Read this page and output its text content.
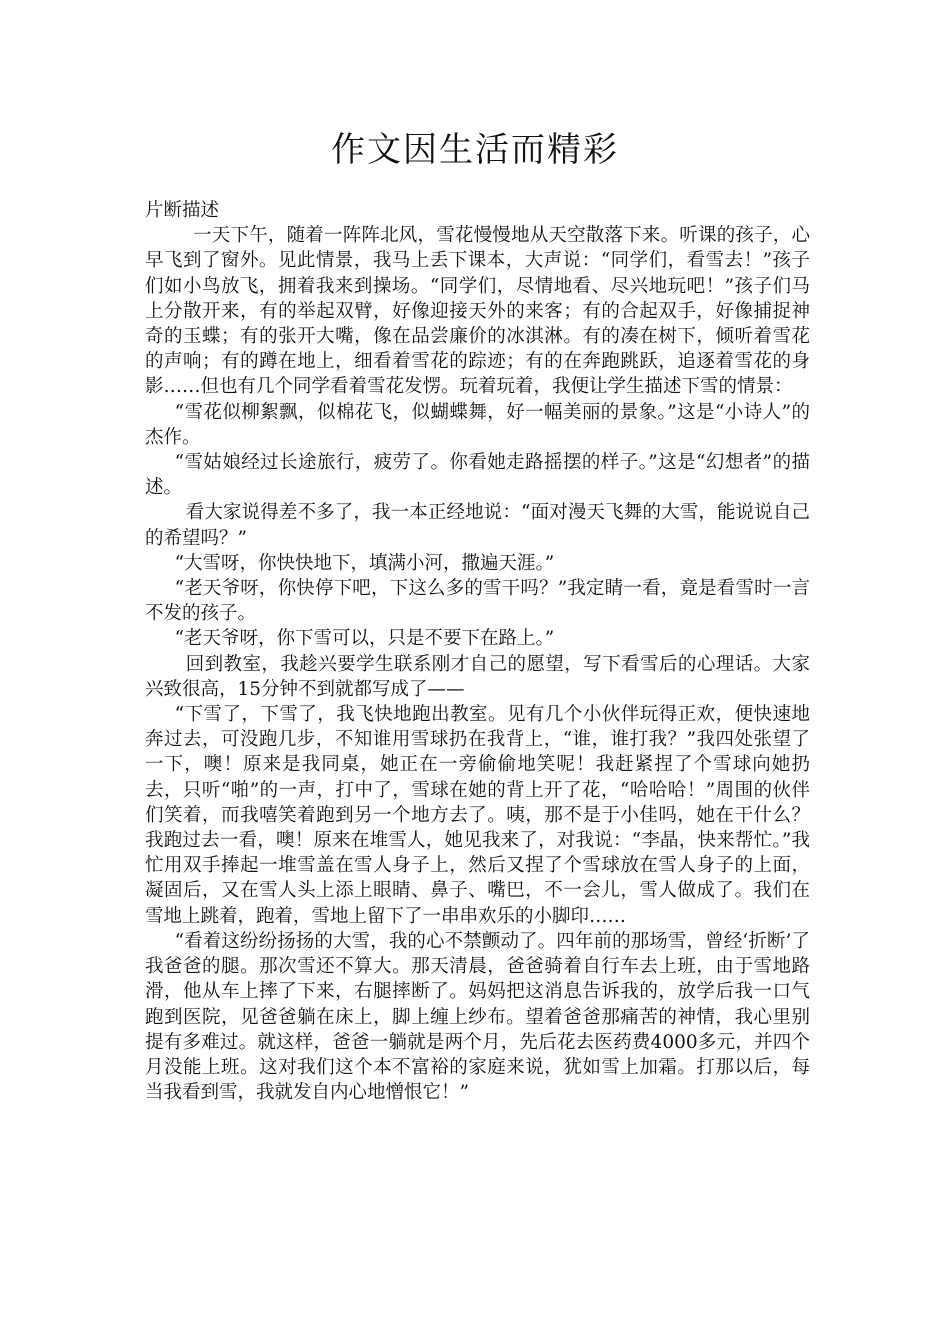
作文因生活而精彩

片断描述

一天下午，随着一阵阵北风，雪花慢慢地从天空散落下来。听课的孩子，心早飞到了窗外。见此情景，我马上丢下课本，大声说：“同学们，看雪去！”孩子们如小鸟放飞，拥着我来到操场。“同学们，尽情地看、尽兴地玩吧！”孩子们马上分散开来，有的举起双臂，好像迎接天外的来客；有的合起双手，好像捕捉神奇的玉蝶；有的张开大嘴，像在品尝廉价的冰淇淋。有的凑在树下，倾听着雪花的声响；有的蹲在地上，细看着雪花的踪迹；有的在奔跑跳跃，追逐着雪花的身影……但也有几个同学看着雪花发愣。玩着玩着，我便让学生描述下雪的情景：

“雪花似柳絮飘，似棉花飞，似蝴蝶舞，好一幅美丽的景象。”这是“小诗人”的杰作。

“雪姑娘经过长途旅行，疲劳了。你看她走路摇摆的样子。”这是“幻想者”的描述。

看大家说得差不多了，我一本正经地说：“面对漫天飞舞的大雪，能说说自己的希望吗？”

“大雪呀，你快快地下，填满小河，撒遍天涯。”

“老天爷呀，你快停下吧，下这么多的雪干吗？”我定睛一看，竟是看雪时一言不发的孩子。

“老天爷呀，你下雪可以，只是不要下在路上。”

回到教室，我趁兴要学生联系刚才自己的愿望，写下看雪后的心理话。大家兴致很高，15分钟不到就都写成了——

“下雪了，下雪了，我飞快地跑出教室。见有几个小伙伴玩得正欢，便快速地奔过去，可没跑几步，不知谁用雪球扔在我背上，“谁，谁打我？”我四处张望了一下，噢！原来是我同桌，她正在一旁偷偷地笑呢！我赶紧捏了个雪球向她扔去，只听“啪”的一声，打中了，雪球在她的背上开了花，“哈哈哈！”周围的伙伴们笑着，而我嘻笑着跑到另一个地方去了。咦，那不是于小佳吗，她在干什么？我跑过去一看，噢！原来在堆雪人，她见我来了，对我说：“李晶，快来帮忙。”我忙用双手捧起一堆雪盖在雪人身子上，然后又捏了个雪球放在雪人身子的上面，凝固后，又在雪人头上添上眼睛、鼻子、嘴巴，不一会儿，雪人做成了。我们在雪地上跳着，跑着，雪地上留下了一串串欢乐的小脚印……

“看着这纷纷扬扬的大雪，我的心不禁颤动了。四年前的那场雪，曾经‘折断’了我爸爸的腿。那次雪还不算大。那天清晨，爸爸骑着自行车去上班，由于雪地路滑，他从车上摔了下来，右腿摔断了。妈妈把这消息告诉我的，放学后我一口气跑到医院，见爸爸躺在床上，脚上缠上纱布。望着爸爸那痛苦的神情，我心里别提有多难过。就这样，爸爸一躺就是两个月，先后花去医药费4000多元，并四个月没能上班。这对我们这个本不富裕的家庭来说，犹如雪上加霜。打那以后，每当我看到雪，我就发自内心地憎恨它！”
